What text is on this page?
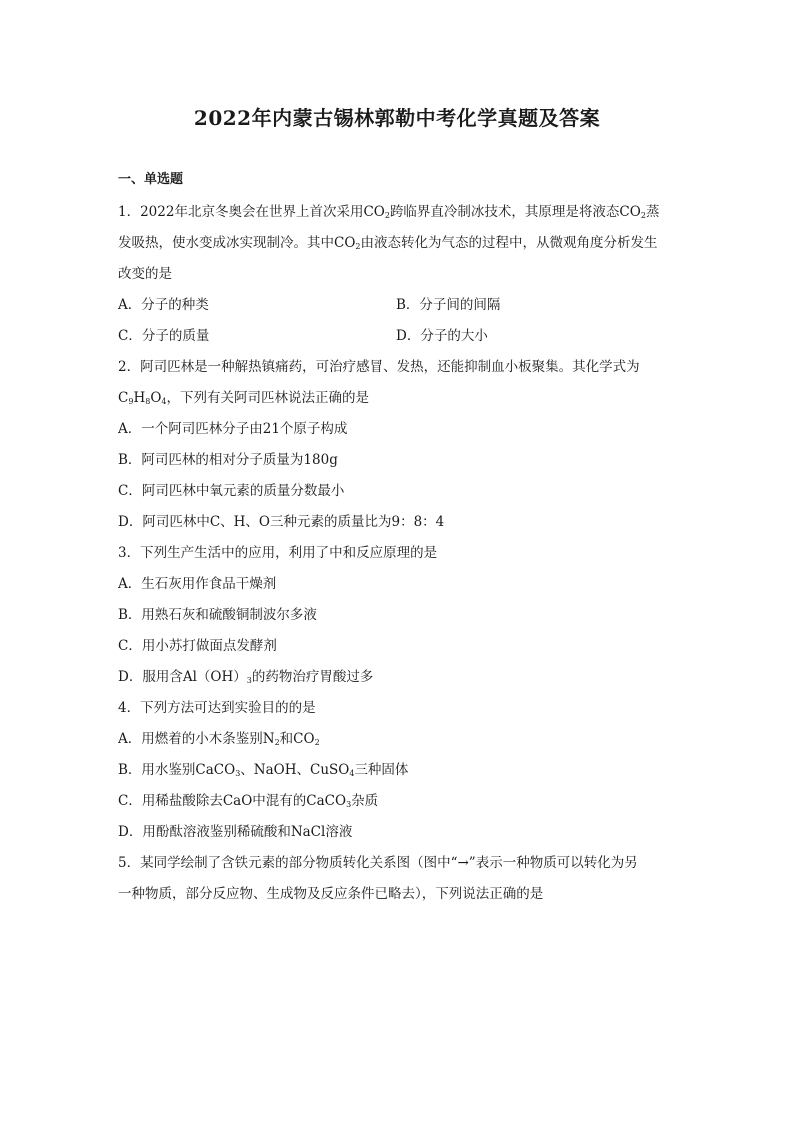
2022年内蒙古锡林郭勒中考化学真题及答案
一、单选题
1．2022年北京冬奥会在世界上首次采用$CO_2$跨临界直冷制冰技术，其原理是将液态$CO_2$蒸
发吸热，使水变成冰实现制冷。其中$CO_2$由液态转化为气态的过程中，从微观角度分析发生
改变的是
A．分子的种类	B．分子间的间隔
C．分子的质量	D．分子的大小
2．阿司匹林是一种解热镇痛药，可治疗感冒、发热，还能抑制血小板聚集。其化学式为
$C_9H_8O_4$，下列有关阿司匹林说法正确的是
A．一个阿司匹林分子由21个原子构成
B．阿司匹林的相对分子质量为180g
C．阿司匹林中氧元素的质量分数最小
D．阿司匹林中C、H、O三种元素的质量比为9：8：4
3．下列生产生活中的应用，利用了中和反应原理的是
A．生石灰用作食品干燥剂
B．用熟石灰和硫酸铜制波尔多液
C．用小苏打做面点发酵剂
D．服用含$Al(OH)_3$的药物治疗胃酸过多
4．下列方法可达到实验目的的是
A．用燃着的小木条鉴别$N_2$和$CO_2$
B．用水鉴别CaCO$_3$、NaOH、CuSO$_4$三种固体
C．用稀盐酸除去CaO中混有的CaCO$_3$杂质
D．用酚酞溶液鉴别稀硫酸和NaCl溶液
5．某同学绘制了含铁元素的部分物质转化关系图（图中“→”表示一种物质可以转化为另
一种物质，部分反应物、生成物及反应条件已略去），下列说法正确的是
